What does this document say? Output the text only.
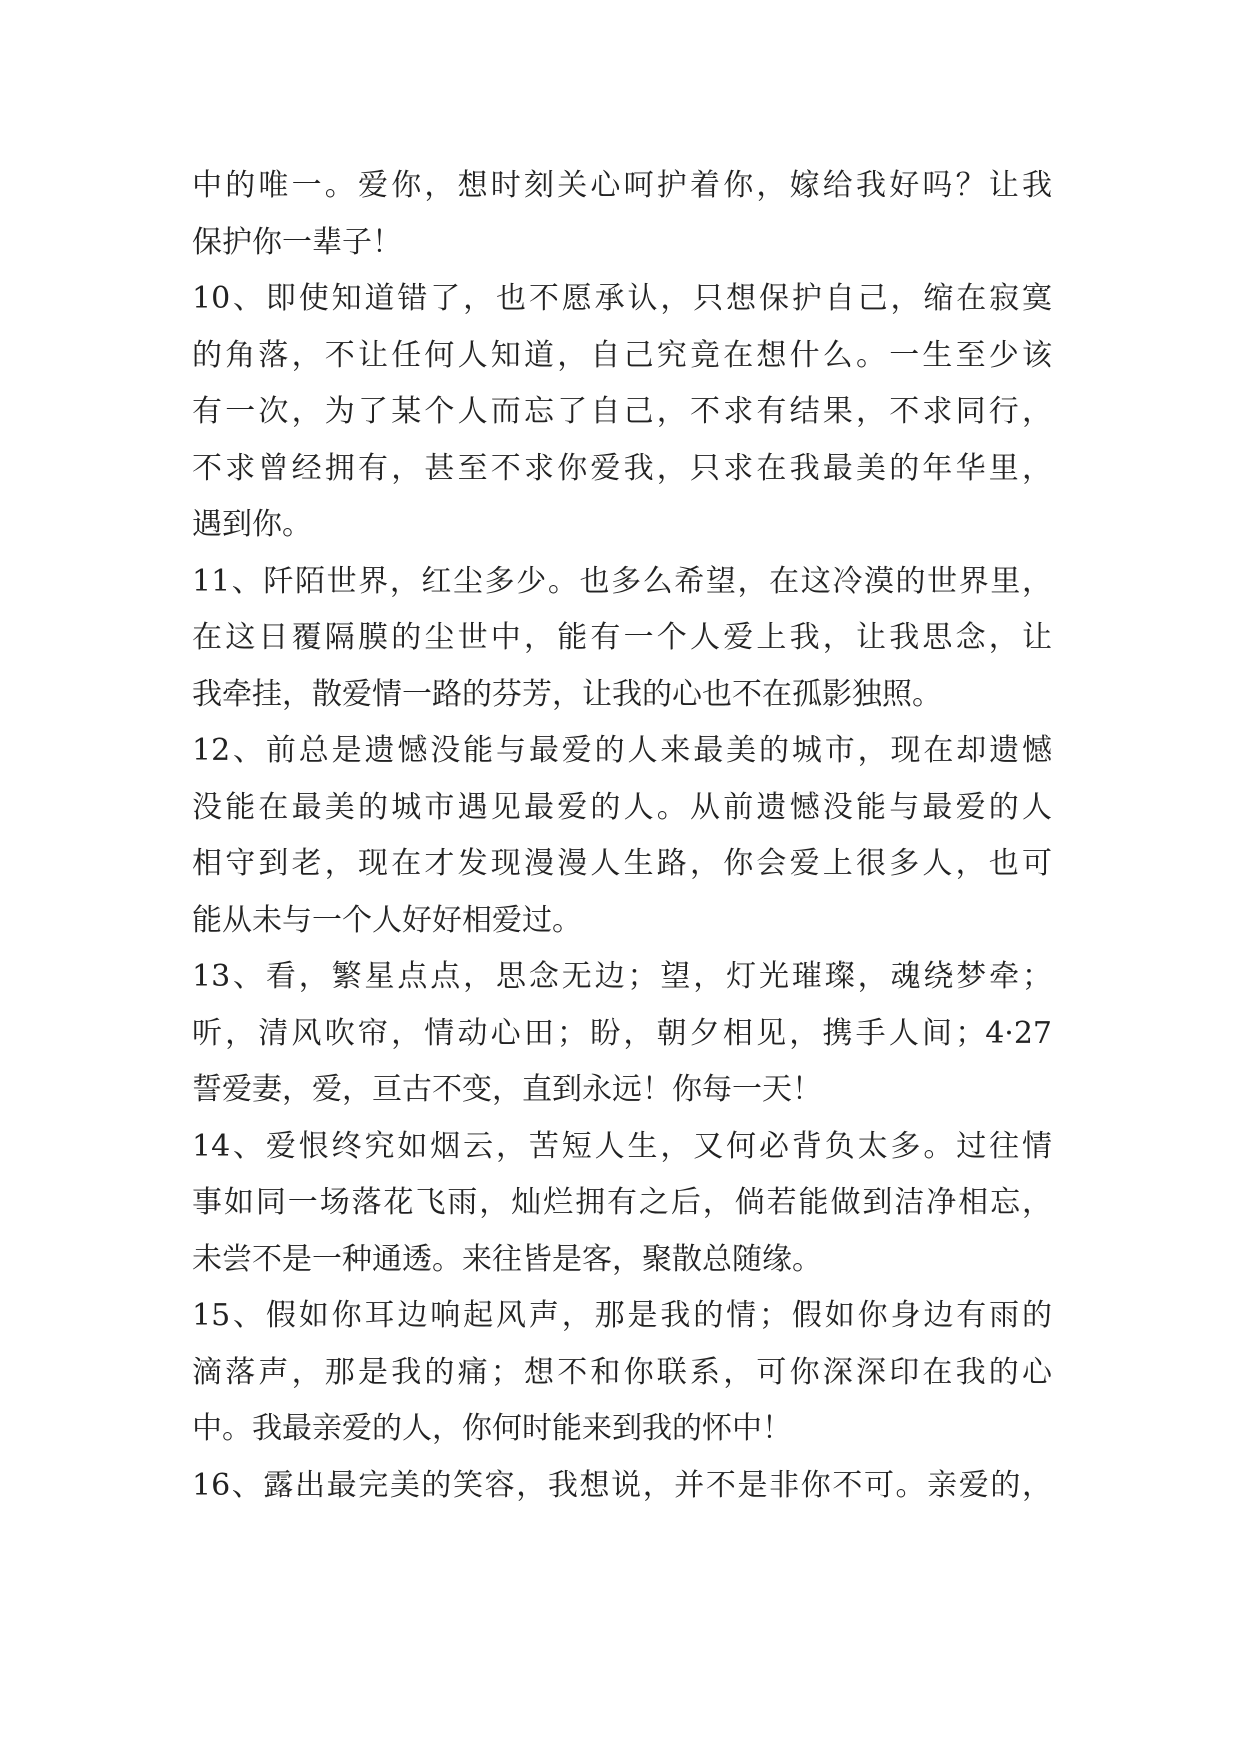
中的唯一。爱你，想时刻关心呵护着你，嫁给我好吗？让我
保护你一辈子！
10、即使知道错了，也不愿承认，只想保护自己，缩在寂寞
的角落，不让任何人知道，自己究竟在想什么。一生至少该
有一次，为了某个人而忘了自己，不求有结果，不求同行，
不求曾经拥有，甚至不求你爱我，只求在我最美的年华里，
遇到你。
11、阡陌世界，红尘多少。也多么希望，在这冷漠的世界里，
在这日覆隔膜的尘世中，能有一个人爱上我，让我思念，让
我牵挂，散爱情一路的芬芳，让我的心也不在孤影独照。
12、前总是遗憾没能与最爱的人来最美的城市，现在却遗憾
没能在最美的城市遇见最爱的人。从前遗憾没能与最爱的人
相守到老，现在才发现漫漫人生路，你会爱上很多人，也可
能从未与一个人好好相爱过。
13、看，繁星点点，思念无边；望，灯光璀璨，魂绕梦牵；
听，清风吹帘，情动心田；盼，朝夕相见，携手人间；4·27
誓爱妻，爱，亘古不变，直到永远！你每一天！
14、爱恨终究如烟云，苦短人生，又何必背负太多。过往情
事如同一场落花飞雨，灿烂拥有之后，倘若能做到洁净相忘，
未尝不是一种通透。来往皆是客，聚散总随缘。
15、假如你耳边响起风声，那是我的情；假如你身边有雨的
滴落声，那是我的痛；想不和你联系，可你深深印在我的心
中。我最亲爱的人，你何时能来到我的怀中！
16、露出最完美的笑容，我想说，并不是非你不可。亲爱的，
